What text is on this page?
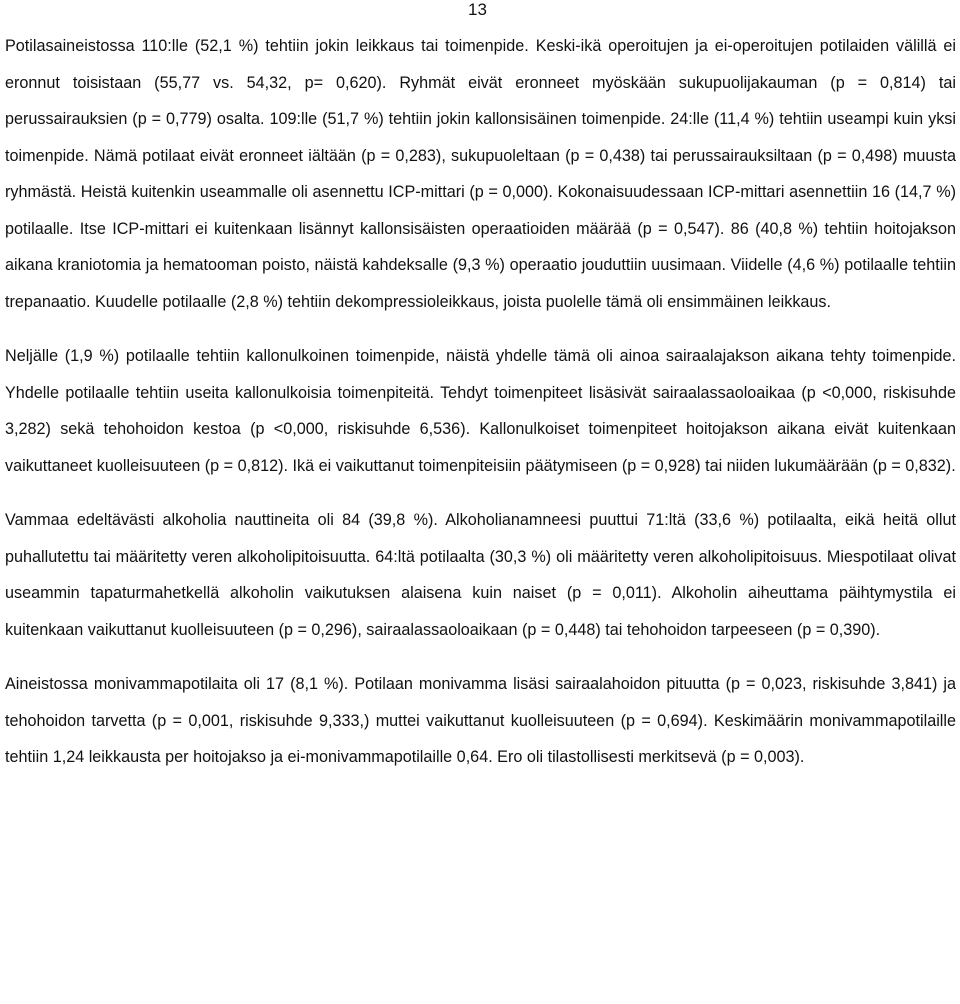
13

Potilasaineistossa 110:lle (52,1 %) tehtiin jokin leikkaus tai toimenpide. Keski-ikä operoitujen ja ei-operoitujen potilaiden välillä ei eronnut toisistaan (55,77 vs. 54,32, p= 0,620). Ryhmät eivät eronneet myöskään sukupuolijakauman (p = 0,814) tai perussairauksien (p = 0,779) osalta. 109:lle (51,7 %) tehtiin jokin kallonsisäinen toimenpide. 24:lle (11,4 %) tehtiin useampi kuin yksi toimenpide. Nämä potilaat eivät eronneet iältään (p = 0,283), sukupuoleltaan (p = 0,438) tai perussairauksiltaan (p = 0,498) muusta ryhmästä. Heistä kuitenkin useammalle oli asennettu ICP-mittari (p = 0,000). Kokonaisuudessaan ICP-mittari asennettiin 16 (14,7 %) potilaalle. Itse ICP-mittari ei kuitenkaan lisännyt kallonsisäisten operaatioiden määrää (p = 0,547). 86 (40,8 %) tehtiin hoitojakson aikana kraniotomia ja hematooman poisto, näistä kahdeksalle (9,3 %) operaatio jouduttiin uusimaan. Viidelle (4,6 %) potilaalle tehtiin trepanaatio. Kuudelle potilaalle (2,8 %) tehtiin dekompressioleikkaus, joista puolelle tämä oli ensimmäinen leikkaus.

Neljälle (1,9 %) potilaalle tehtiin kallonulkoinen toimenpide, näistä yhdelle tämä oli ainoa sairaalajakson aikana tehty toimenpide. Yhdelle potilaalle tehtiin useita kallonulkoisia toimenpiteitä. Tehdyt toimenpiteet lisäsivät sairaalassaoloaikaa (p <0,000, riskisuhde 3,282) sekä tehohoidon kestoa (p <0,000, riskisuhde 6,536). Kallonulkoiset toimenpiteet hoitojakson aikana eivät kuitenkaan vaikuttaneet kuolleisuuteen (p = 0,812). Ikä ei vaikuttanut toimenpiteisiin päätymiseen (p = 0,928) tai niiden lukumäärään (p = 0,832).

Vammaa edeltävästi alkoholia nauttineita oli 84 (39,8 %). Alkoholianamneesi puuttui 71:ltä (33,6 %) potilaalta, eikä heitä ollut puhallutettu tai määritetty veren alkoholipitoisuutta. 64:ltä potilaalta (30,3 %) oli määritetty veren alkoholipitoisuus. Miespotilaat olivat useammin tapaturmahetkellä alkoholin vaikutuksen alaisena kuin naiset (p = 0,011). Alkoholin aiheuttama päihtymystila ei kuitenkaan vaikuttanut kuolleisuuteen (p = 0,296), sairaalassaoloaikaan (p = 0,448) tai tehohoidon tarpeeseen (p = 0,390).

Aineistossa monivammapotilaita oli 17 (8,1 %). Potilaan monivamma lisäsi sairaalahoidon pituutta (p = 0,023, riskisuhde 3,841) ja tehohoidon tarvetta (p = 0,001, riskisuhde 9,333,) muttei vaikuttanut kuolleisuuteen (p = 0,694). Keskimäärin monivammapotilaille tehtiin 1,24 leikkausta per hoitojakso ja ei-monivammapotilaille 0,64. Ero oli tilastollisesti merkitsevä (p = 0,003).
